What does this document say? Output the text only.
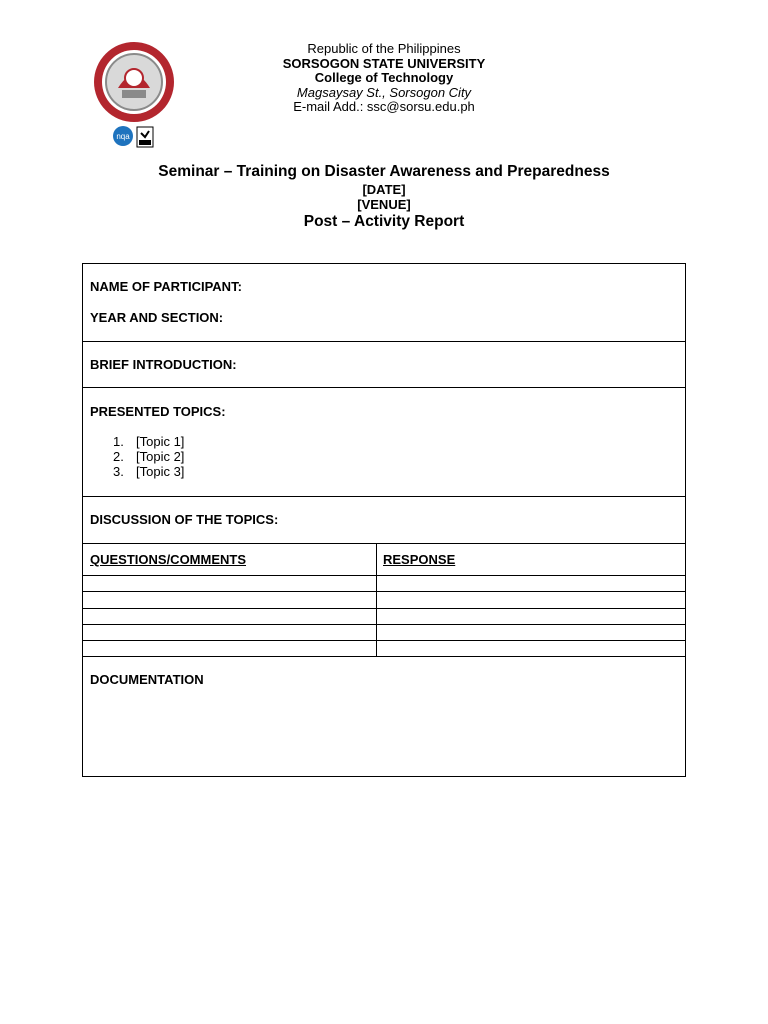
nqa
Republic of the Philippines
SORSOGON STATE UNIVERSITY
College of Technology
Magsaysay St., Sorsogon City
E-mail Add.: ssc@sorsu.edu.ph
Seminar – Training on Disaster Awareness and Preparedness
[DATE]
[VENUE]
Post – Activity Report
NAME OF PARTICIPANT:
YEAR AND SECTION:
BRIEF INTRODUCTION:
PRESENTED TOPICS:
1. [Topic 1]
2. [Topic 2]
3. [Topic 3]
DISCUSSION OF THE TOPICS:
QUESTIONS/COMMENTS	RESPONSE
DOCUMENTATION
